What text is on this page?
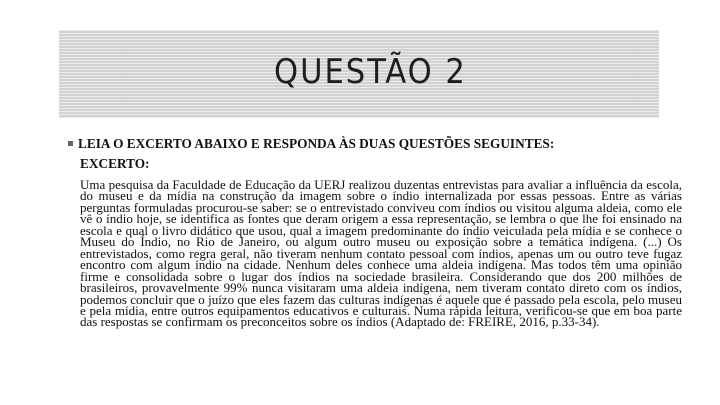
QUESTÃO 2

LEIA O EXCERTO ABAIXO E RESPONDA ÀS DUAS QUESTÕES SEGUINTES:

EXCERTO:

Uma pesquisa da Faculdade de Educação da UERJ realizou duzentas entrevistas para avaliar a influência da escola, do museu e da mídia na construção da imagem sobre o índio internalizada por essas pessoas. Entre as várias perguntas formuladas procurou-se saber: se o entrevistado conviveu com índios ou visitou alguma aldeia, como ele vê o índio hoje, se identifica as fontes que deram origem a essa representação, se lembra o que lhe foi ensinado na escola e qual o livro didático que usou, qual a imagem predominante do índio veiculada pela mídia e se conhece o Museu do Índio, no Rio de Janeiro, ou algum outro museu ou exposição sobre a temática indígena. (...) Os entrevistados, como regra geral, não tiveram nenhum contato pessoal com índios, apenas um ou outro teve fugaz encontro com algum índio na cidade. Nenhum deles conhece uma aldeia indígena. Mas todos têm uma opinião firme e consolidada sobre o lugar dos índios na sociedade brasileira. Considerando que dos 200 milhões de brasileiros, provavelmente 99% nunca visitaram uma aldeia indígena, nem tiveram contato direto com os índios, podemos concluir que o juízo que eles fazem das culturas indígenas é aquele que é passado pela escola, pelo museu e pela mídia, entre outros equipamentos educativos e culturais. Numa rápida leitura, verificou-se que em boa parte das respostas se confirmam os preconceitos sobre os índios (Adaptado de: FREIRE, 2016, p.33-34).
